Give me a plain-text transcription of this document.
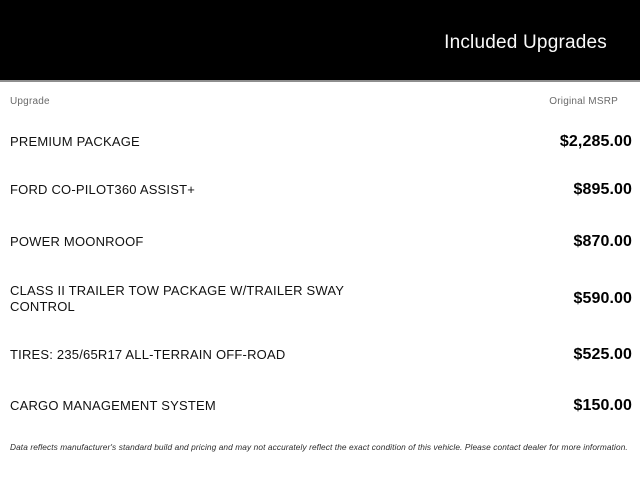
Included Upgrades
Upgrade	Original MSRP
PREMIUM PACKAGE	$2,285.00
FORD CO-PILOT360 ASSIST+	$895.00
POWER MOONROOF	$870.00
CLASS II TRAILER TOW PACKAGE W/TRAILER SWAY CONTROL	$590.00
TIRES: 235/65R17 ALL-TERRAIN OFF-ROAD	$525.00
CARGO MANAGEMENT SYSTEM	$150.00
Data reflects manufacturer's standard build and pricing and may not accurately reflect the exact condition of this vehicle. Please contact dealer for more information.
